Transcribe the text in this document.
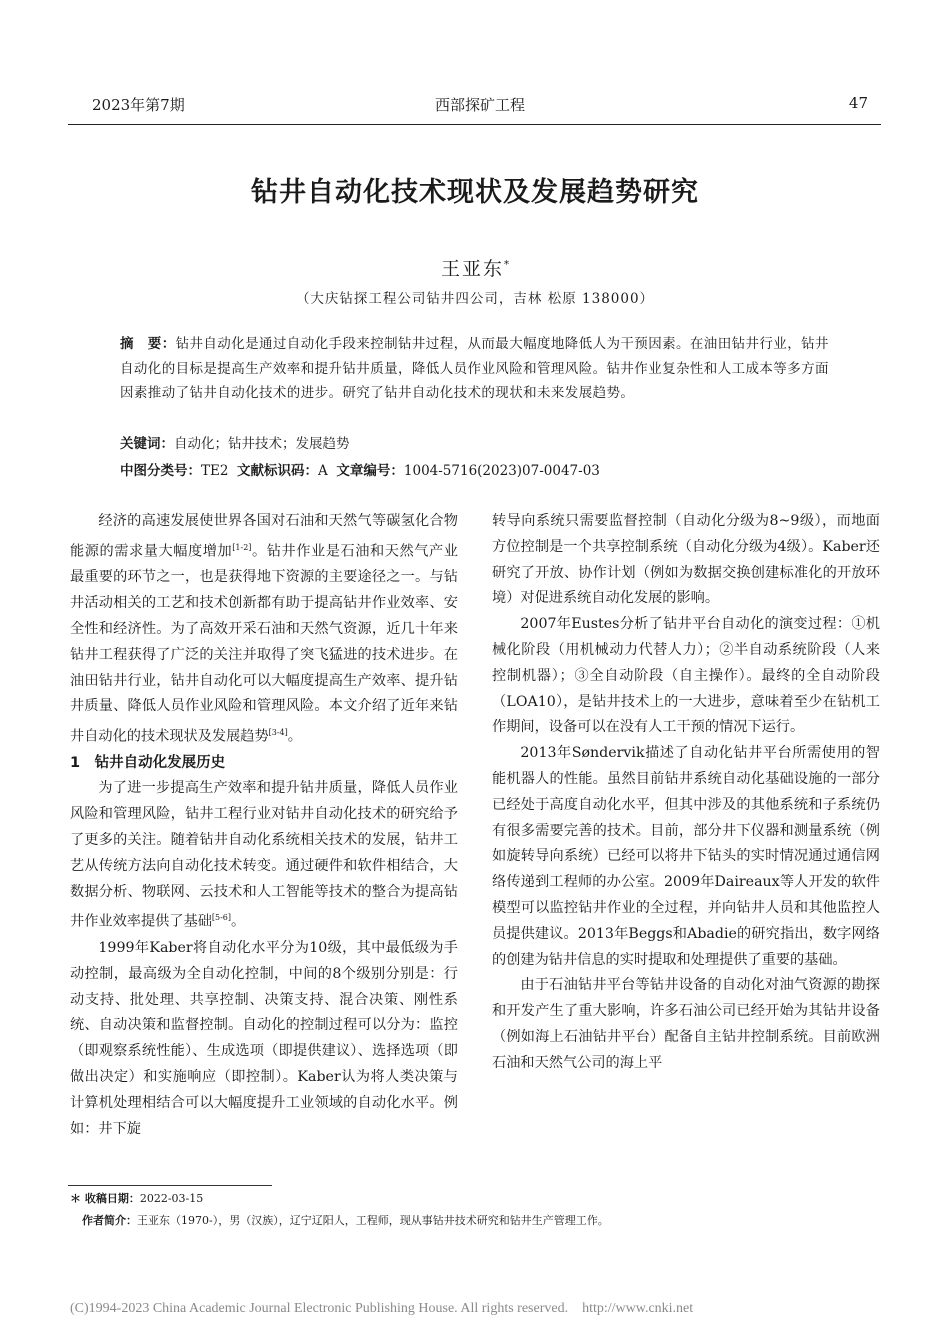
2023年第7期	西部探矿工程	47
钻井自动化技术现状及发展趋势研究
王亚东*
（大庆钻探工程公司钻井四公司，吉林 松原 138000）
摘　要：钻井自动化是通过自动化手段来控制钻井过程，从而最大幅度地降低人为干预因素。在油田钻井行业，钻井自动化的目标是提高生产效率和提升钻井质量，降低人员作业风险和管理风险。钻井作业复杂性和人工成本等多方面因素推动了钻井自动化技术的进步。研究了钻井自动化技术的现状和未来发展趋势。
关键词：自动化；钻井技术；发展趋势
中图分类号：TE2 文献标识码：A 文章编号：1004-5716(2023)07-0047-03

经济的高速发展使世界各国对石油和天然气等碳氢化合物能源的需求量大幅度增加[1-2]。钻井作业是石油和天然气产业最重要的环节之一，也是获得地下资源的主要途径之一。与钻井活动相关的工艺和技术创新都有助于提高钻井作业效率、安全性和经济性。为了高效开采石油和天然气资源，近几十年来钻井工程获得了广泛的关注并取得了突飞猛进的技术进步。在油田钻井行业，钻井自动化可以大幅度提高生产效率、提升钻井质量、降低人员作业风险和管理风险。本文介绍了近年来钻井自动化的技术现状及发展趋势[3-4]。

1　钻井自动化发展历史

为了进一步提高生产效率和提升钻井质量，降低人员作业风险和管理风险，钻井工程行业对钻井自动化技术的研究给予了更多的关注。随着钻井自动化系统相关技术的发展，钻井工艺从传统方法向自动化技术转变。通过硬件和软件相结合，大数据分析、物联网、云技术和人工智能等技术的整合为提高钻井作业效率提供了基础[5-6]。

1999年Kaber将自动化水平分为10级，其中最低级为手动控制，最高级为全自动化控制，中间的8个级别分别是：行动支持、批处理、共享控制、决策支持、混合决策、刚性系统、自动决策和监督控制。自动化的控制过程可以分为：监控（即观察系统性能）、生成选项（即提供建议）、选择选项（即做出决定）和实施响应（即控制）。Kaber认为将人类决策与计算机处理相结合可以大幅度提升工业领域的自动化水平。例如：井下旋

转导向系统只需要监督控制（自动化分级为8~9级），而地面方位控制是一个共享控制系统（自动化分级为4级）。Kaber还研究了开放、协作计划（例如为数据交换创建标准化的开放环境）对促进系统自动化发展的影响。

2007年Eustes分析了钻井平台自动化的演变过程：①机械化阶段（用机械动力代替人力）；②半自动系统阶段（人来控制机器）；③全自动阶段（自主操作）。最终的全自动阶段（LOA10），是钻井技术上的一大进步，意味着至少在钻机工作期间，设备可以在没有人工干预的情况下运行。

2013年Søndervik描述了自动化钻井平台所需使用的智能机器人的性能。虽然目前钻井系统自动化基础设施的一部分已经处于高度自动化水平，但其中涉及的其他系统和子系统仍有很多需要完善的技术。目前，部分井下仪器和测量系统（例如旋转导向系统）已经可以将井下钻头的实时情况通过通信网络传递到工程师的办公室。2009年Daireaux等人开发的软件模型可以监控钻井作业的全过程，并向钻井人员和其他监控人员提供建议。2013年Beggs和Abadie的研究指出，数字网络的创建为钻井信息的实时提取和处理提供了重要的基础。

由于石油钻井平台等钻井设备的自动化对油气资源的勘探和开发产生了重大影响，许多石油公司已经开始为其钻井设备（例如海上石油钻井平台）配备自主钻井控制系统。目前欧洲石油和天然气公司的海上平

＊ 收稿日期：2022-03-15
作者简介：王亚东（1970-），男（汉族），辽宁辽阳人，工程师，现从事钻井技术研究和钻井生产管理工作。
(C)1994-2023 China Academic Journal Electronic Publishing House. All rights reserved.　http://www.cnki.net
